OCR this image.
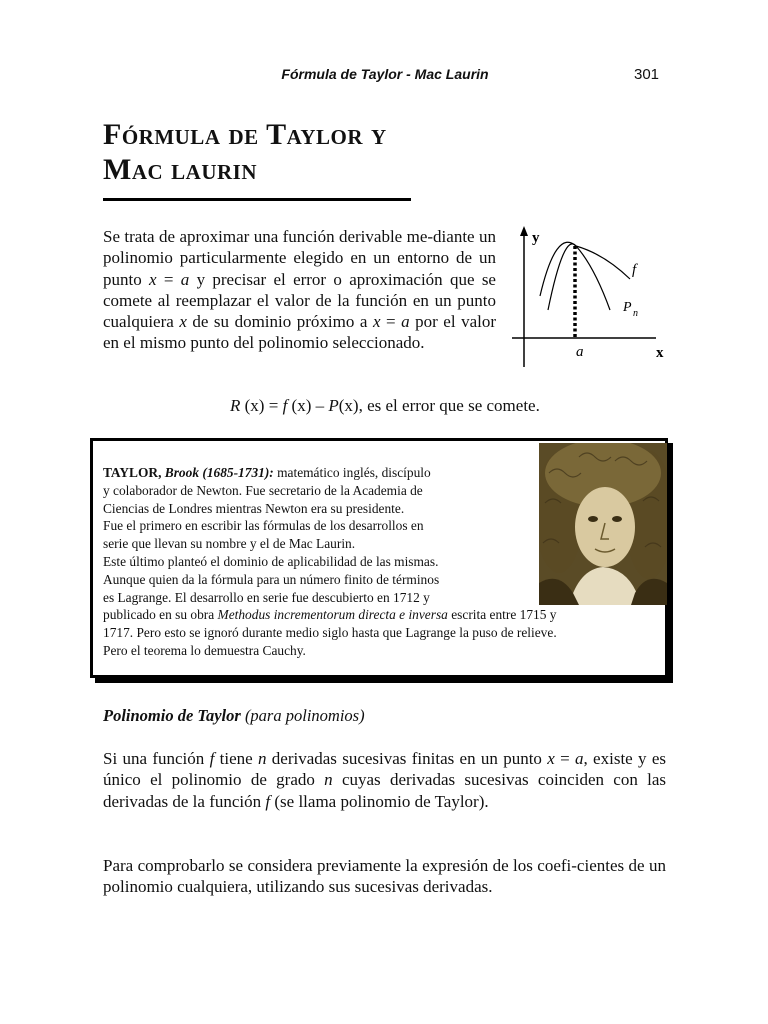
Fórmula de Taylor - Mac Laurin	301
Fórmula de Taylor y
Mac laurin

Se trata de aproximar una función derivable me-diante un polinomio particularmente elegido en un entorno de un punto x = a y precisar el error o aproximación que se comete al reemplazar el valor de la función en un punto cualquiera x de su dominio próximo a x = a por el valor en el mismo punto del polinomio seleccionado.

y
x
a
f
P n
R (x) = f (x) – P(x), es el error que se comete.

TAYLOR, Brook (1685-1731): matemático inglés, discípulo
y colaborador de Newton. Fue secretario de la Academia de
Ciencias de Londres mientras Newton era su presidente.
Fue el primero en escribir las fórmulas de los desarrollos en
serie que llevan su nombre y el de Mac Laurin.
Este último planteó el dominio de aplicabilidad de las mismas.
Aunque quien da la fórmula para un número finito de términos
es Lagrange. El desarrollo en serie fue descubierto en 1712 y
publicado en su obra Methodus incrementorum directa e inversa escrita entre 1715 y
1717. Pero esto se ignoró durante medio siglo hasta que Lagrange la puso de relieve.
Pero el teorema lo demuestra Cauchy.

Polinomio de Taylor (para polinomios)

Si una función f tiene n derivadas sucesivas finitas en un punto x = a, existe y es único el polinomio de grado n cuyas derivadas sucesivas coinciden con las derivadas de la función f (se llama polinomio de Taylor).

Para comprobarlo se considera previamente la expresión de los coefi-cientes de un polinomio cualquiera, utilizando sus sucesivas derivadas.
